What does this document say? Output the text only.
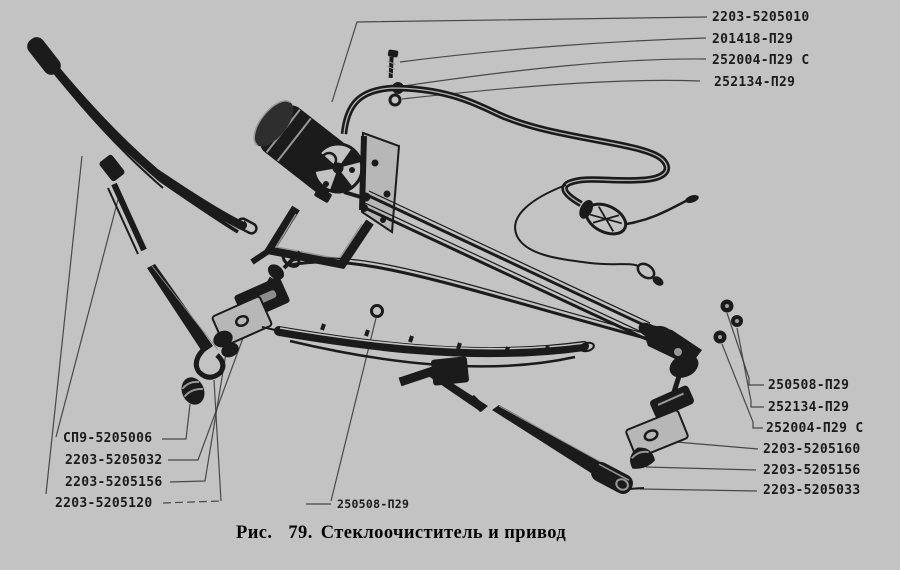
2203-5205010
201418-П29
252004-П29 С
252134-П29
250508-П29
252134-П29
252004-П29 С
2203-5205160
2203-5205156
2203-5205033
СП9-5205006
2203-5205032
2203-5205156
2203-5205120	250508-П29
Рис. 79. Стеклоочиститель и привод
